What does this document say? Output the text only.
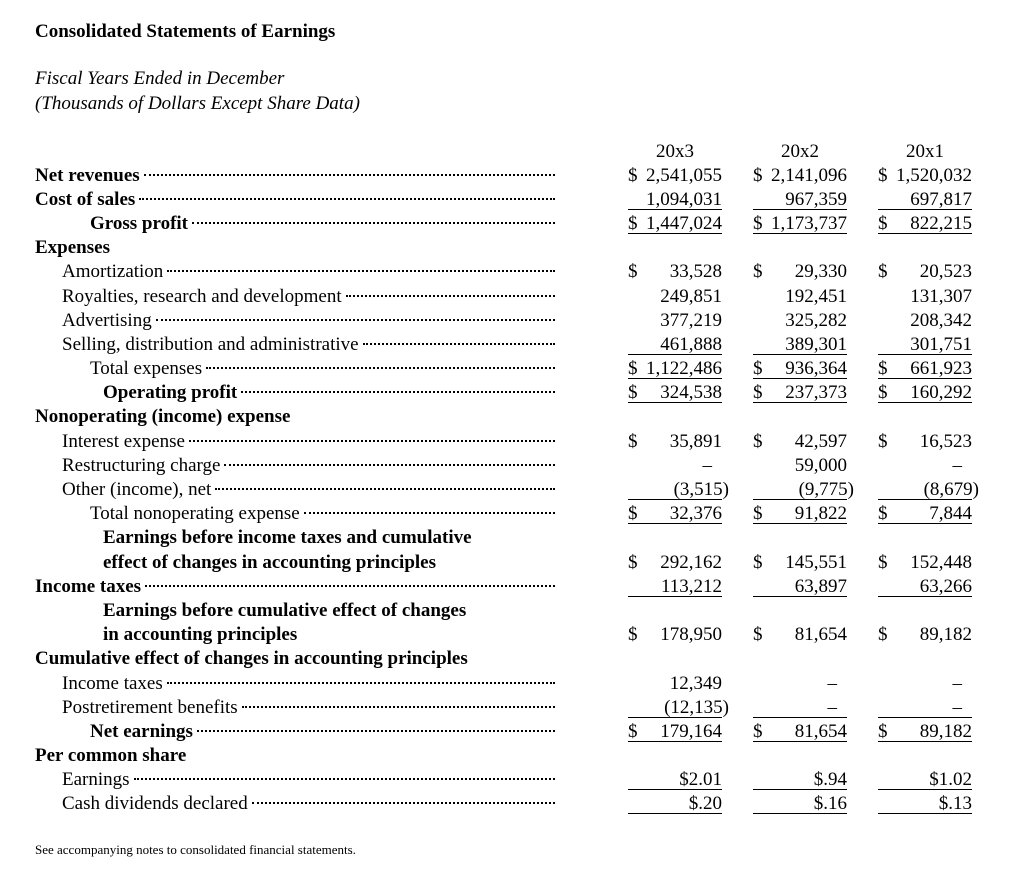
Consolidated Statements of Earnings
Fiscal Years Ended in December
(Thousands of Dollars Except Share Data)
20x3	20x2	20x1
Net revenues	$ 2,541,055 $ 2,141,096 $ 1,520,032
Cost of sales	1,094,031	967,359	697,817
Gross profit	$ 1,447,024 $ 1,173,737 $ 822,215
Expenses
Amortization	$ 33,528 $ 29,330 $ 20,523
Royalties, research and development	249,851	192,451	131,307
Advertising	377,219	325,282	208,342
Selling, distribution and administrative	461,888	389,301	301,751
Total expenses	$ 1,122,486 $ 936,364 $ 661,923
Operating profit	$ 324,538 $ 237,373 $ 160,292
Nonoperating (income) expense
Interest expense	$ 35,891 $ 42,597 $ 16,523
Restructuring charge	–	59,000	–
Other (income), net	(3,515)	(9,775)	(8,679)
Total nonoperating expense	$ 32,376 $ 91,822 $ 7,844
Earnings before income taxes and cumulative
effect of changes in accounting principles	$ 292,162 $ 145,551 $ 152,448
Income taxes	113,212	63,897	63,266
Earnings before cumulative effect of changes
in accounting principles	$ 178,950 $ 81,654 $ 89,182
Cumulative effect of changes in accounting principles
Income taxes	12,349	–	–
Postretirement benefits	(12,135)	–	–
Net earnings	$ 179,164 $ 81,654 $ 89,182
Per common share
Earnings	$2.01	$.94	$1.02
Cash dividends declared	$.20	$.16	$.13
See accompanying notes to consolidated financial statements.
